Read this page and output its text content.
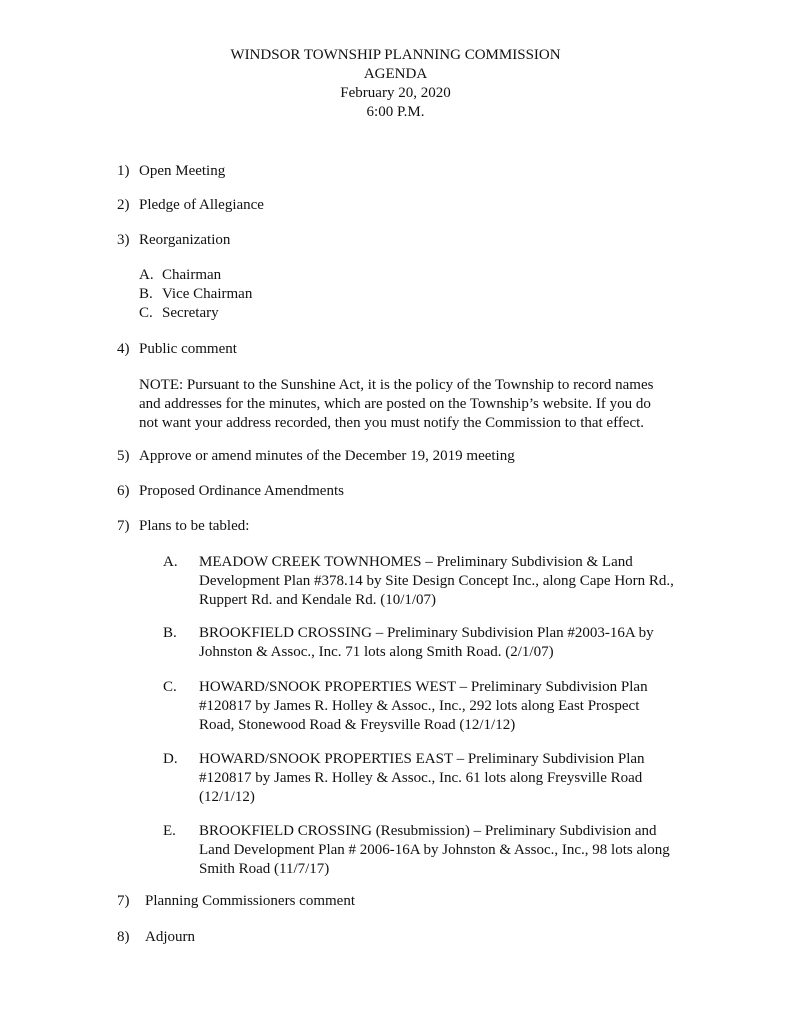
WINDSOR TOWNSHIP PLANNING COMMISSION
AGENDA
February 20, 2020
6:00 P.M.
1) Open Meeting
2) Pledge of Allegiance
3) Reorganization
A. Chairman
B. Vice Chairman
C. Secretary
4) Public comment
NOTE: Pursuant to the Sunshine Act, it is the policy of the Township to record names
and addresses for the minutes, which are posted on the Township’s website. If you do
not want your address recorded, then you must notify the Commission to that effect.
5) Approve or amend minutes of the December 19, 2019 meeting
6) Proposed Ordinance Amendments
7) Plans to be tabled:
A. MEADOW CREEK TOWNHOMES – Preliminary Subdivision & Land
Development Plan #378.14 by Site Design Concept Inc., along Cape Horn Rd.,
Ruppert Rd. and Kendale Rd. (10/1/07)
B. BROOKFIELD CROSSING – Preliminary Subdivision Plan #2003-16A by
Johnston & Assoc., Inc. 71 lots along Smith Road. (2/1/07)
C. HOWARD/SNOOK PROPERTIES WEST – Preliminary Subdivision Plan
#120817 by James R. Holley & Assoc., Inc., 292 lots along East Prospect
Road, Stonewood Road & Freysville Road (12/1/12)
D. HOWARD/SNOOK PROPERTIES EAST – Preliminary Subdivision Plan
#120817 by James R. Holley & Assoc., Inc. 61 lots along Freysville Road
(12/1/12)
E. BROOKFIELD CROSSING (Resubmission) – Preliminary Subdivision and
Land Development Plan # 2006-16A by Johnston & Assoc., Inc., 98 lots along
Smith Road (11/7/17)
7) Planning Commissioners comment
8) Adjourn
